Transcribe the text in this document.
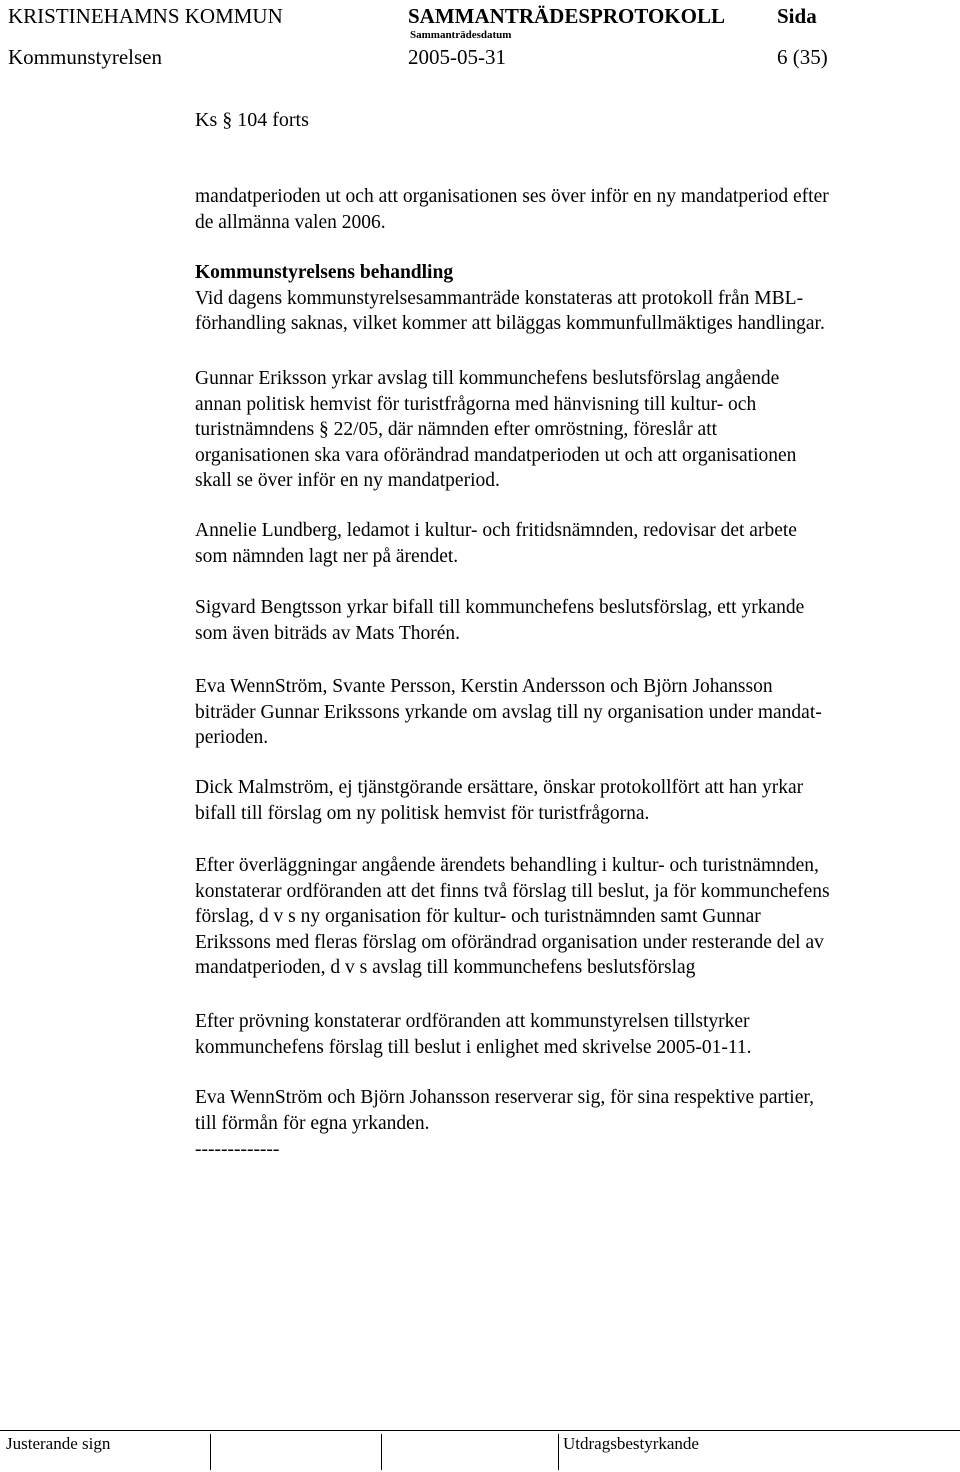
KRISTINEHAMNS KOMMUN	SAMMANTRÄDESPROTOKOLL Sida
Sammanträdesdatum
Kommunstyrelsen	2005-05-31	6 (35)
Ks § 104 forts
mandatperioden ut och att organisationen ses över inför en ny mandatperiod efter
de allmänna valen 2006.
Kommunstyrelsens behandling
Vid dagens kommunstyrelsesammanträde konstateras att protokoll från MBL-
förhandling saknas, vilket kommer att biläggas kommunfullmäktiges handlingar.
Gunnar Eriksson yrkar avslag till kommunchefens beslutsförslag angående
annan politisk hemvist för turistfrågorna med hänvisning till kultur- och
turistnämndens § 22/05, där nämnden efter omröstning, föreslår att
organisationen ska vara oförändrad mandatperioden ut och att organisationen
skall se över inför en ny mandatperiod.
Annelie Lundberg, ledamot i kultur- och fritidsnämnden, redovisar det arbete
som nämnden lagt ner på ärendet.
Sigvard Bengtsson yrkar bifall till kommunchefens beslutsförslag, ett yrkande
som även biträds av Mats Thorén.
Eva WennStröm, Svante Persson, Kerstin Andersson och Björn Johansson
biträder Gunnar Erikssons yrkande om avslag till ny organisation under mandat-
perioden.
Dick Malmström, ej tjänstgörande ersättare, önskar protokollfört att han yrkar
bifall till förslag om ny politisk hemvist för turistfrågorna.
Efter överläggningar angående ärendets behandling i kultur- och turistnämnden,
konstaterar ordföranden att det finns två förslag till beslut, ja för kommunchefens
förslag, d v s ny organisation för kultur- och turistnämnden samt Gunnar
Erikssons med fleras förslag om oförändrad organisation under resterande del av
mandatperioden, d v s avslag till kommunchefens beslutsförslag
Efter prövning konstaterar ordföranden att kommunstyrelsen tillstyrker
kommunchefens förslag till beslut i enlighet med skrivelse 2005-01-11.
Eva WennStröm och Björn Johansson reserverar sig, för sina respektive partier,
till förmån för egna yrkanden.
-------------
Justerande sign	Utdragsbestyrkande
